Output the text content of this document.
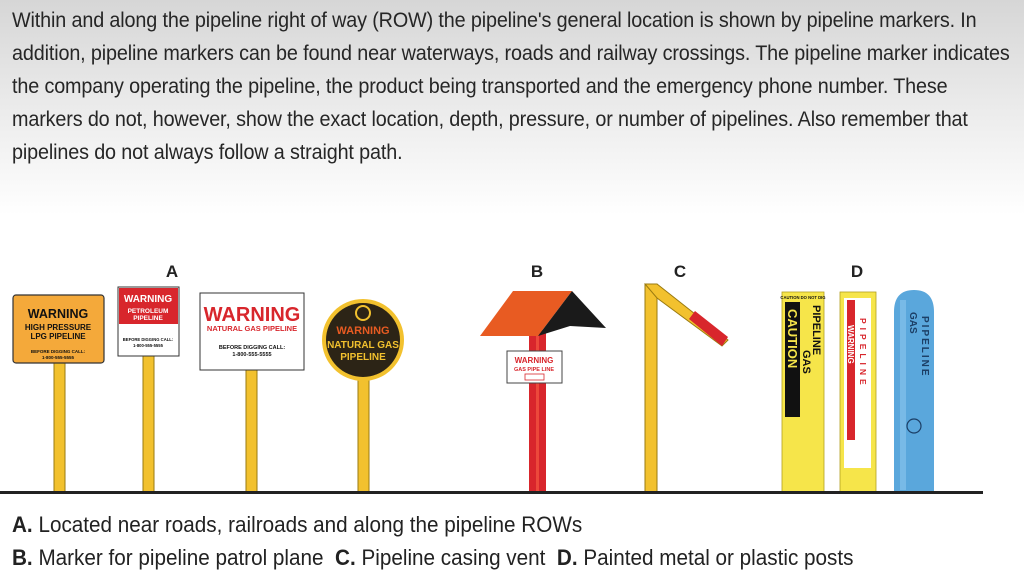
Within and along the pipeline right of way (ROW) the pipeline's general location is shown by pipeline markers. In addition, pipeline markers can be found near waterways, roads and railway crossings. The pipeline marker indicates the company operating the pipeline, the product being transported and the emergency phone number. These markers do not, however, show the exact location, depth, pressure, or number of pipelines. Also remember that pipelines do not always follow a straight path.

A	B	C	D
WARNING
HIGH PRESSURE
LPG PIPELINE
BEFORE DIGGING CALL:
1-800-555-5555
WARNING
PETROLEUM
PIPELINE
BEFORE DIGGING CALL:
1-800-555-5555
WARNING
NATURAL GAS PIPELINE
BEFORE DIGGING CALL:
1-800-555-5555
WARNING
NATURAL GAS
PIPELINE	WARNING
GAS PIPE LINE
CAUTION DO NOT DIG
CAUTION GAS
PIPELINE	WARNING PIPELINE	GAS PIPELINE
A. Located near roads, railroads and along the pipeline ROWs
B. Marker for pipeline patrol plane C. Pipeline casing vent D. Painted metal or plastic posts
